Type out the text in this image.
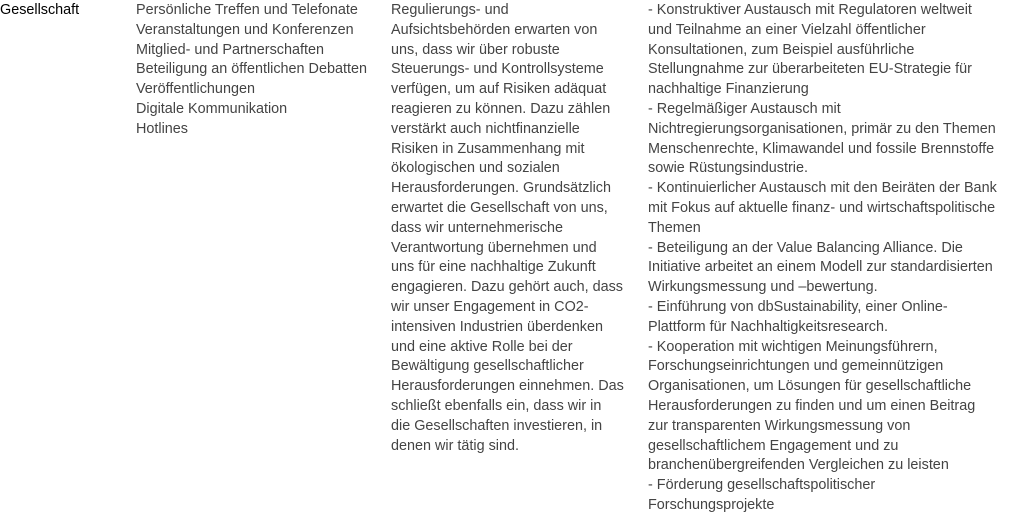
Gesellschaft	Persönliche Treffen und Telefonate
Veranstaltungen und Konferenzen
Mitglied- und Partnerschaften
Beteiligung an öffentlichen Debatten
Veröffentlichungen
Digitale Kommunikation
Hotlines
Regulierungs- und
Aufsichtsbehörden erwarten von
uns, dass wir über robuste
Steuerungs- und Kontrollsysteme
verfügen, um auf Risiken adäquat
reagieren zu können. Dazu zählen
verstärkt auch nichtfinanzielle
Risiken in Zusammenhang mit
ökologischen und sozialen
Herausforderungen. Grundsätzlich
erwartet die Gesellschaft von uns,
dass wir unternehmerische
Verantwortung übernehmen und
uns für eine nachhaltige Zukunft
engagieren. Dazu gehört auch, dass
wir unser Engagement in CO2-
intensiven Industrien überdenken
und eine aktive Rolle bei der
Bewältigung gesellschaftlicher
Herausforderungen einnehmen. Das
schließt ebenfalls ein, dass wir in
die Gesellschaften investieren, in
denen wir tätig sind.
- Konstruktiver Austausch mit Regulatoren weltweit
und Teilnahme an einer Vielzahl öffentlicher
Konsultationen, zum Beispiel ausführliche
Stellungnahme zur überarbeiteten EU-Strategie für
nachhaltige Finanzierung
- Regelmäßiger Austausch mit
Nichtregierungsorganisationen, primär zu den Themen
Menschenrechte, Klimawandel und fossile Brennstoffe
sowie Rüstungsindustrie.
- Kontinuierlicher Austausch mit den Beiräten der Bank
mit Fokus auf aktuelle finanz- und wirtschaftspolitische
Themen
- Beteiligung an der Value Balancing Alliance. Die
Initiative arbeitet an einem Modell zur standardisierten
Wirkungsmessung und –bewertung.
- Einführung von dbSustainability, einer Online-
Plattform für Nachhaltigkeitsresearch.
- Kooperation mit wichtigen Meinungsführern,
Forschungseinrichtungen und gemeinnützigen
Organisationen, um Lösungen für gesellschaftliche
Herausforderungen zu finden und um einen Beitrag
zur transparenten Wirkungsmessung von
gesellschaftlichem Engagement und zu
branchenübergreifenden Vergleichen zu leisten
- Förderung gesellschaftspolitischer
Forschungsprojekte
